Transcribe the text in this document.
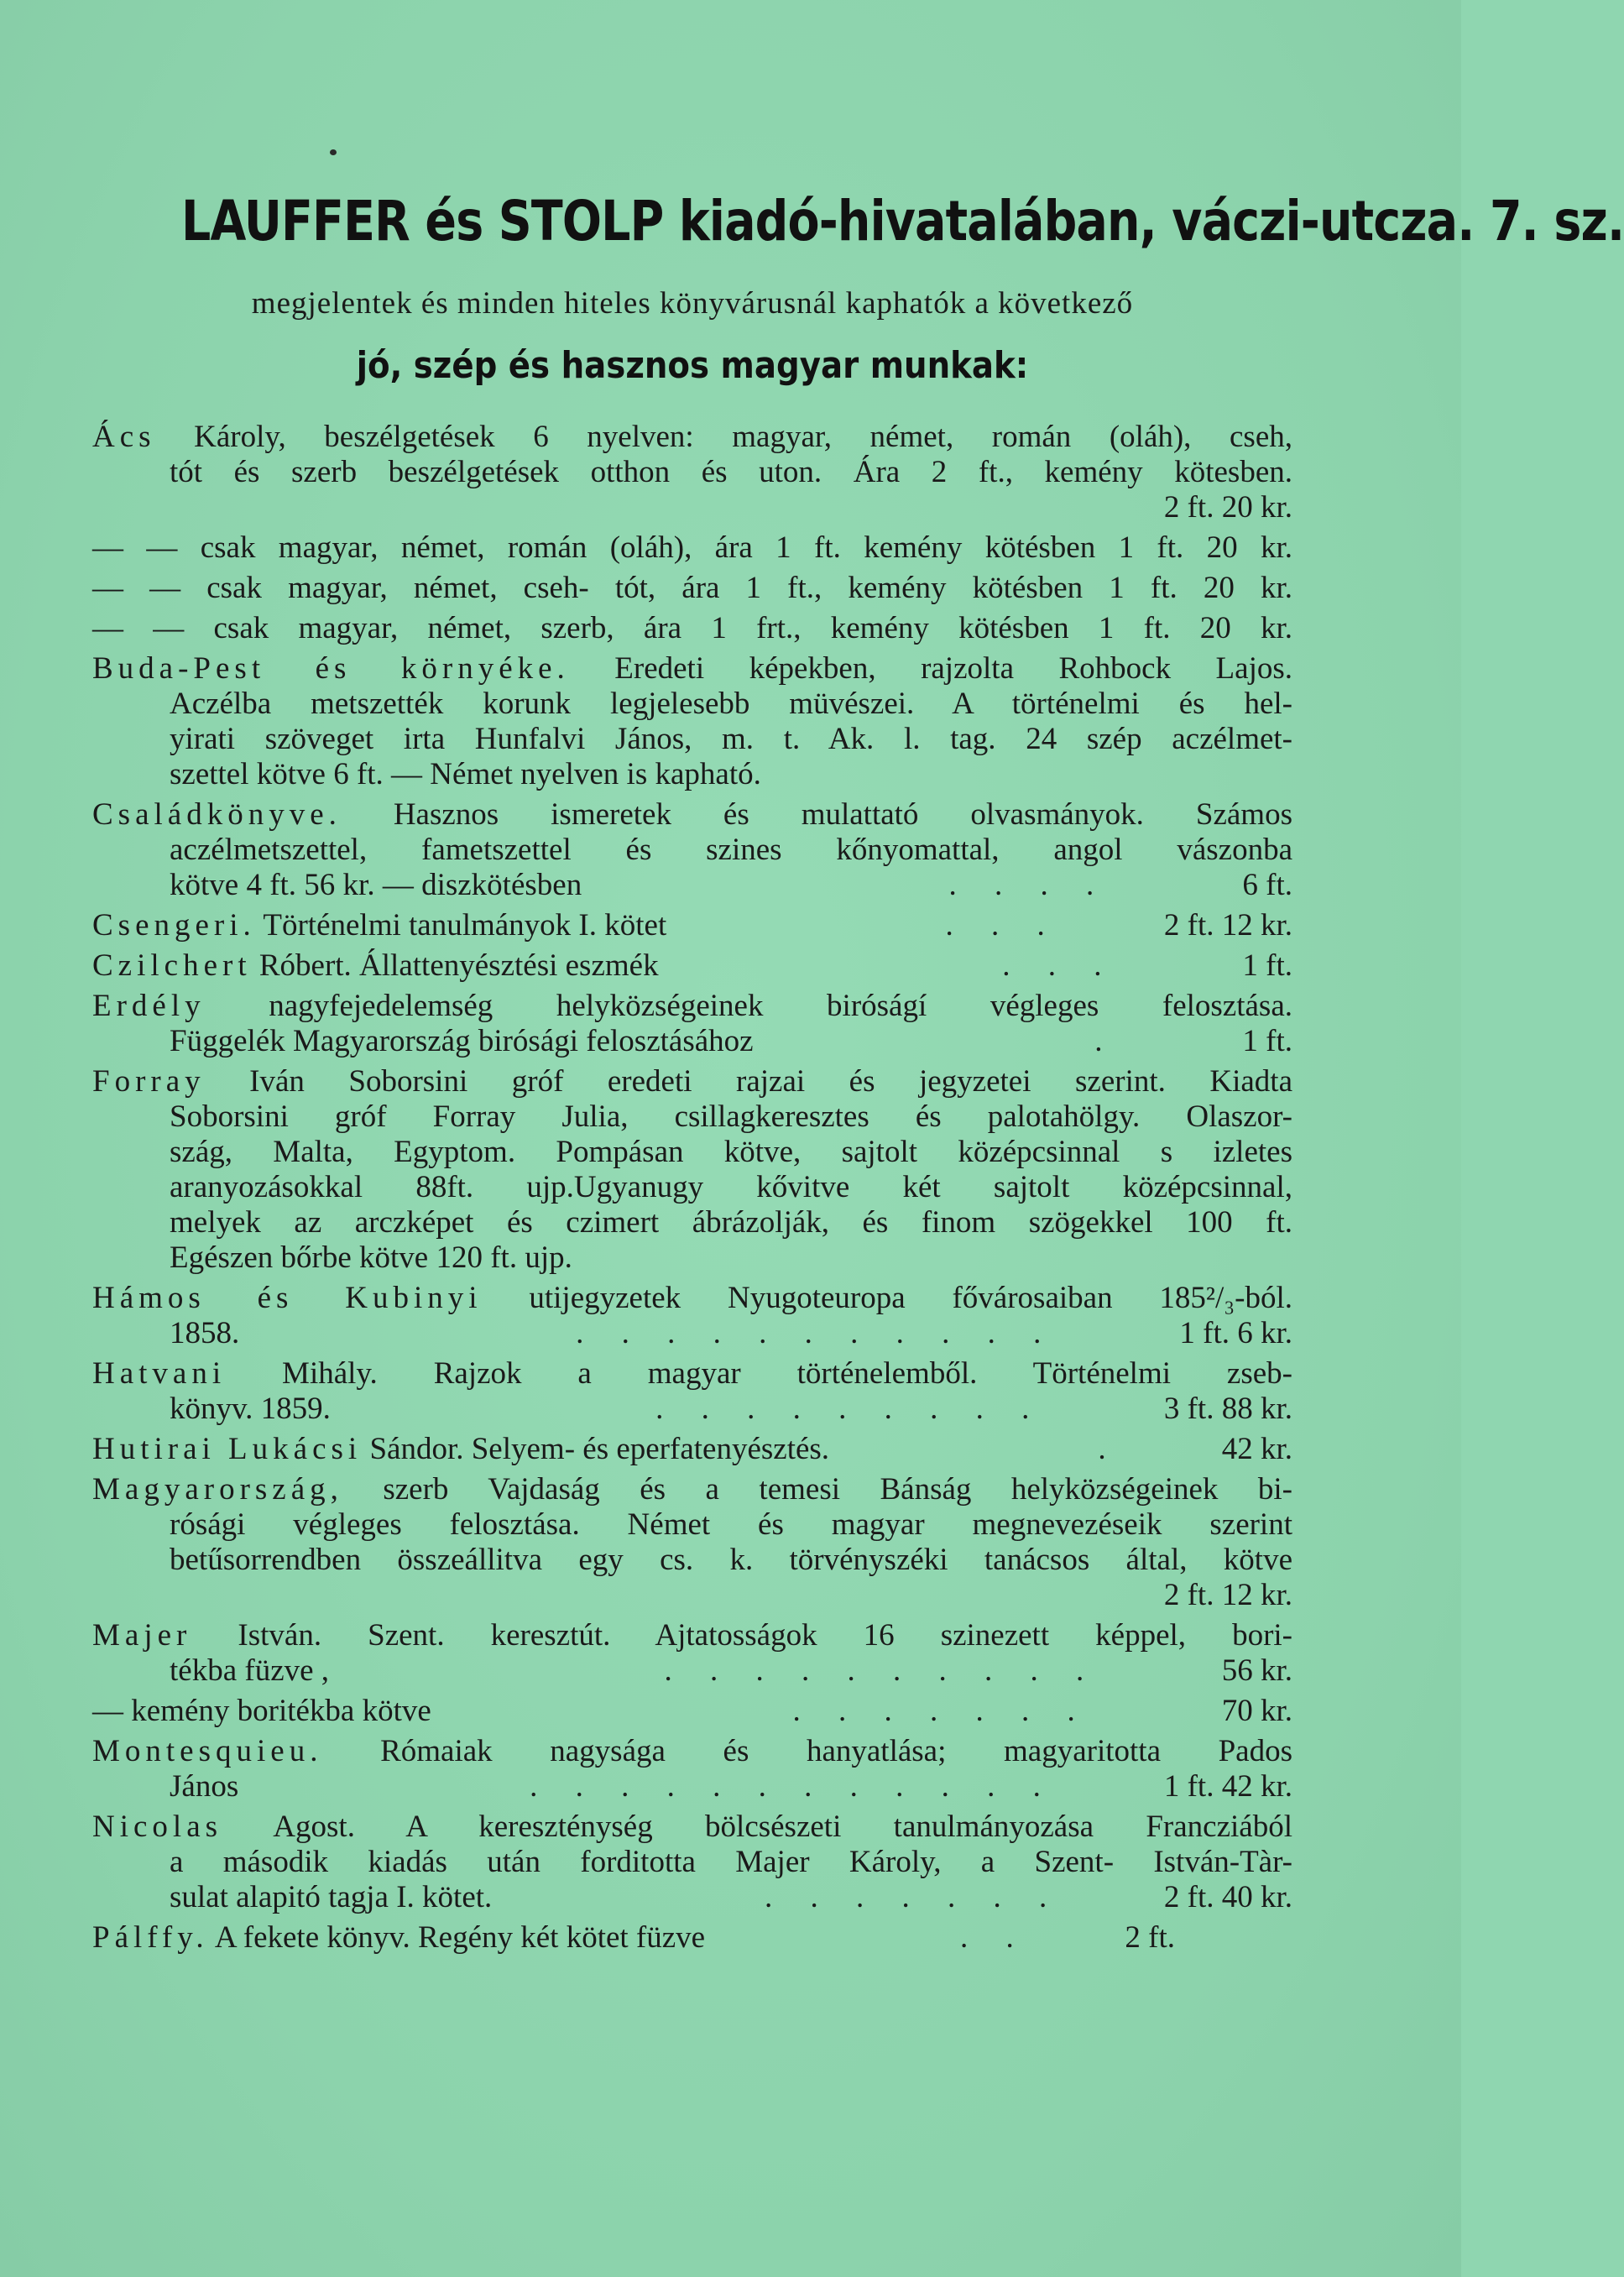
LAUFFER és STOLP kiadó-hivatalában, váczi-utcza. 7. sz.
megjelentek és minden hiteles könyvárusnál kaphatók a következő
jó, szép és hasznos magyar munkak:
Ács Károly, beszélgetések 6 nyelven: magyar, német, román (oláh), cseh,
tót és szerb beszélgetések otthon és uton. Ára 2 ft., kemény kötesben.
2 ft. 20 kr.
— — csak magyar, német, román (oláh), ára 1 ft. kemény kötésben 1 ft. 20 kr.
— — csak magyar, német, cseh- tót, ára 1 ft., kemény kötésben 1 ft. 20 kr.
— — csak magyar, német, szerb, ára 1 frt., kemény kötésben 1 ft. 20 kr.
Buda-Pest és környéke. Eredeti képekben, rajzolta Rohbock Lajos.
Aczélba metszették korunk legjelesebb müvészei. A történelmi és hel-
yirati szöveget irta Hunfalvi János, m. t. Ak. l. tag. 24 szép aczélmet-
szettel kötve 6 ft. — Német nyelven is kapható.
Családkönyve. Hasznos ismeretek és mulattató olvasmányok. Számos
aczélmetszettel, fametszettel és szines kőnyomattal, angol vászonba
kötve 4 ft. 56 kr. — diszkötésben	. . . .	6 ft.
Csengeri. Történelmi tanulmányok I. kötet	. . .	2 ft. 12 kr.
Czilchert Róbert. Állattenyésztési eszmék	. . .	1 ft.
Erdély nagyfejedelemség helyközségeinek biróságí végleges felosztása.
Függelék Magyarország birósági felosztásához	.	1 ft.
Forray Iván Soborsini gróf eredeti rajzai és jegyzetei szerint. Kiadta
Soborsini gróf Forray Julia, csillagkeresztes és palotahölgy. Olaszor-
szág, Malta, Egyptom. Pompásan kötve, sajtolt középcsinnal s izletes
aranyozásokkal 88ft. ujp.Ugyanugy kővitve két sajtolt középcsinnal,
melyek az arczképet és czimert ábrázolják, és finom szögekkel 100 ft.
Egészen bőrbe kötve 120 ft. ujp.
Hámos és Kubinyi utijegyzetek Nyugoteuropa fővárosaiban 185²/₃-ból.
1858.	. . . . . . . . . . .	1 ft. 6 kr.
Hatvani Mihály. Rajzok a magyar történelemből. Történelmi zseb-
könyv. 1859.	. . . . . . . . .	3 ft. 88 kr.
Hutirai Lukácsi Sándor. Selyem- és eperfatenyésztés.	.	42 kr.
Magyarország, szerb Vajdaság és a temesi Bánság helyközségeinek bi-
rósági végleges felosztása. Német és magyar megnevezéseik szerint
betűsorrendben összeállitva egy cs. k. törvényszéki tanácsos által, kötve
2 ft. 12 kr.
Majer István. Szent. keresztút. Ajtatosságok 16 szinezett képpel, bori-
tékba füzve ,	. . . . . . . . . .	56 kr.
— kemény boritékba kötve	. . . . . . .	70 kr.
Montesquieu. Rómaiak nagysága és hanyatlása; magyaritotta Pados
János	. . . . . . . . . . . .	1 ft. 42 kr.
Nicolas Agost. A kereszténység bölcsészeti tanulmányozása Francziából
a második kiadás után forditotta Majer Károly, a Szent- István-Tàr-
sulat alapitó tagja I. kötet.	. . . . . . .	2 ft. 40 kr.
Pálffy. A fekete könyv. Regény két kötet füzve	. .	2 ft.
